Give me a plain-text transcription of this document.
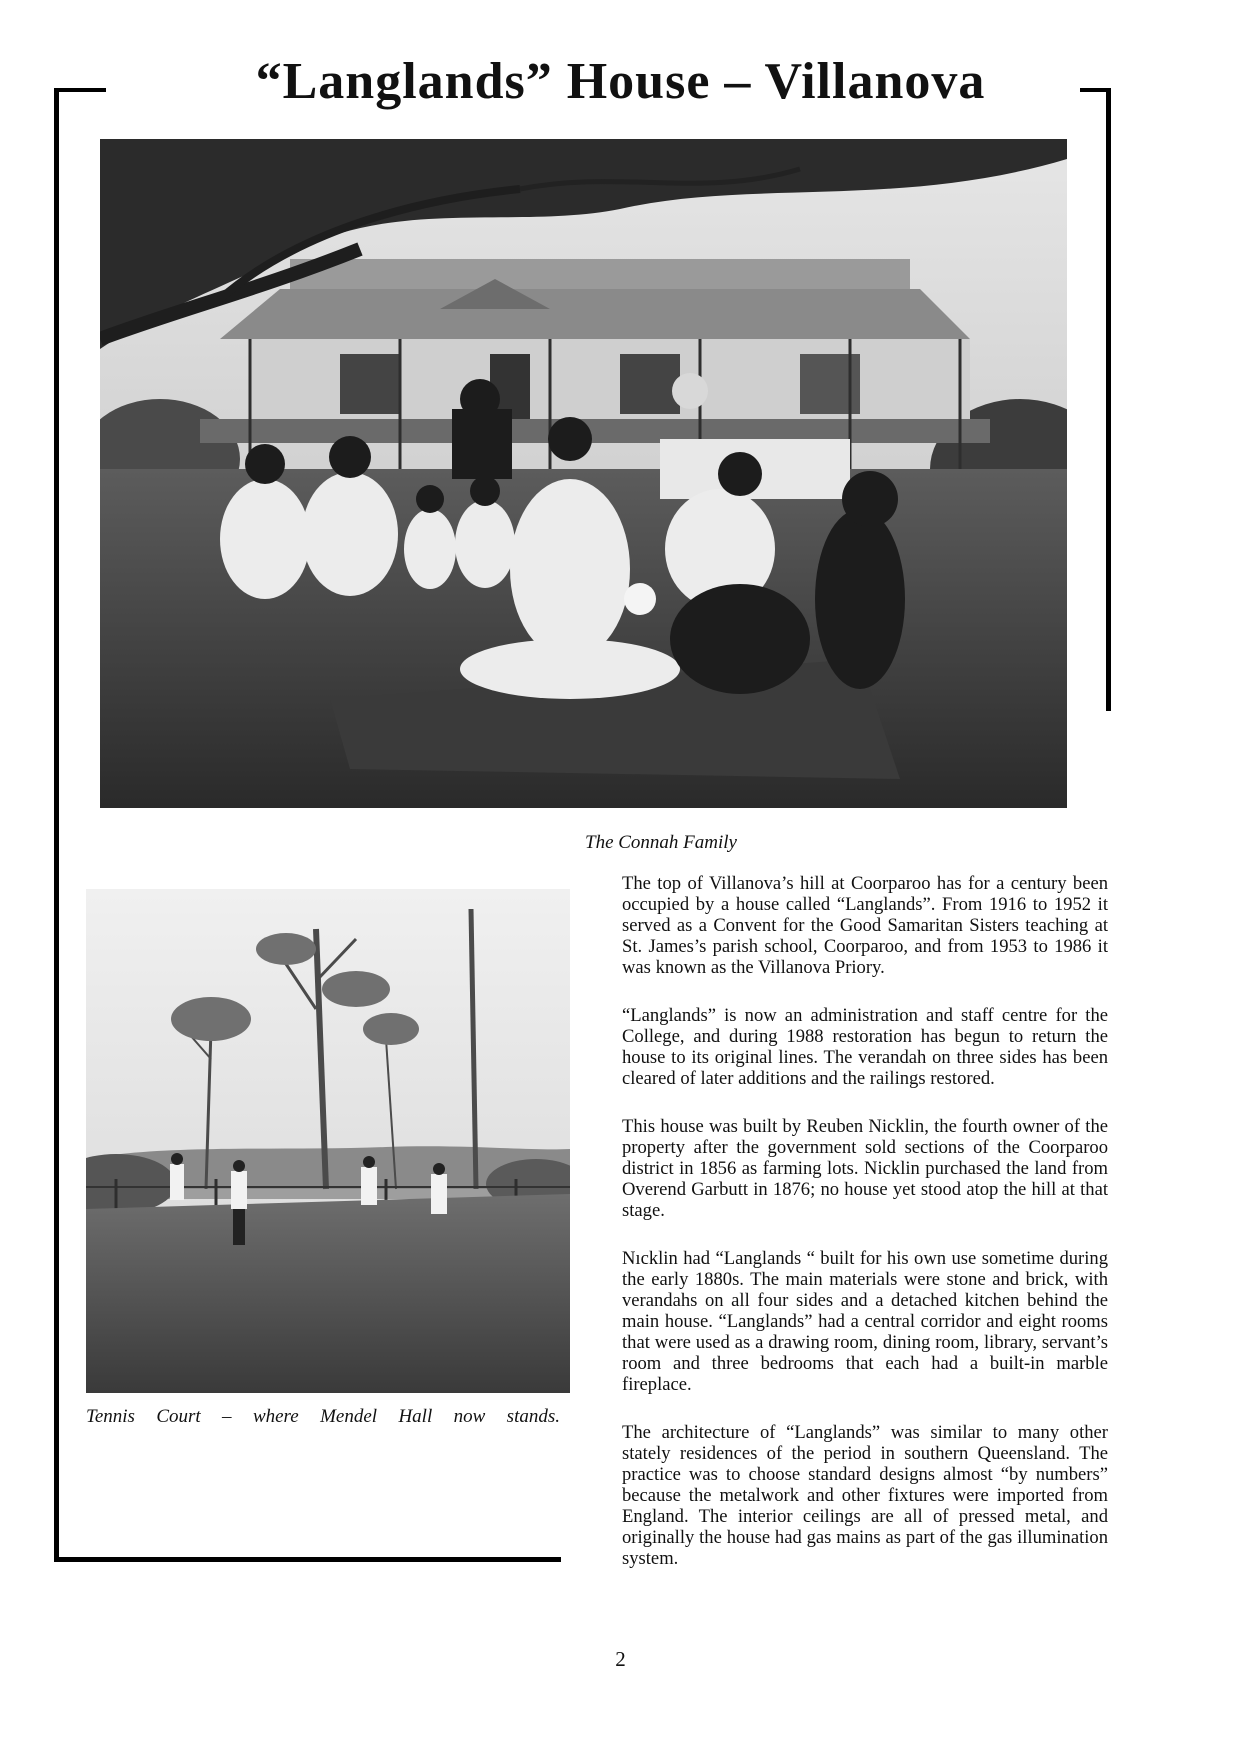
“Langlands” House – Villanova

The Connah Family

Tennis Court – where Mendel Hall now stands.

The top of Villanova’s hill at Coorparoo has for a century been occupied by a house called “Langlands”. From 1916 to 1952 it served as a Convent for the Good Samaritan Sisters teaching at St. James’s parish school, Coorparoo, and from 1953 to 1986 it was known as the Villanova Priory.

“Langlands” is now an administration and staff centre for the College, and during 1988 restoration has begun to return the house to its original lines. The verandah on three sides has been cleared of later additions and the railings restored.

This house was built by Reuben Nicklin, the fourth owner of the property after the government sold sections of the Coorparoo district in 1856 as farming lots. Nicklin purchased the land from Overend Garbutt in 1876; no house yet stood atop the hill at that stage.

Nıcklin had “Langlands “ built for his own use sometime during the early 1880s. The main materials were stone and brick, with verandahs on all four sides and a detached kitchen behind the main house. “Langlands” had a central corridor and eight rooms that were used as a drawing room, dining room, library, servant’s room and three bedrooms that each had a built-in marble fireplace.

The architecture of “Langlands” was similar to many other stately residences of the period in southern Queensland. The practice was to choose standard designs almost “by numbers” because the metalwork and other fixtures were imported from England. The interior ceilings are all of pressed metal, and originally the house had gas mains as part of the gas illumination system.

2
